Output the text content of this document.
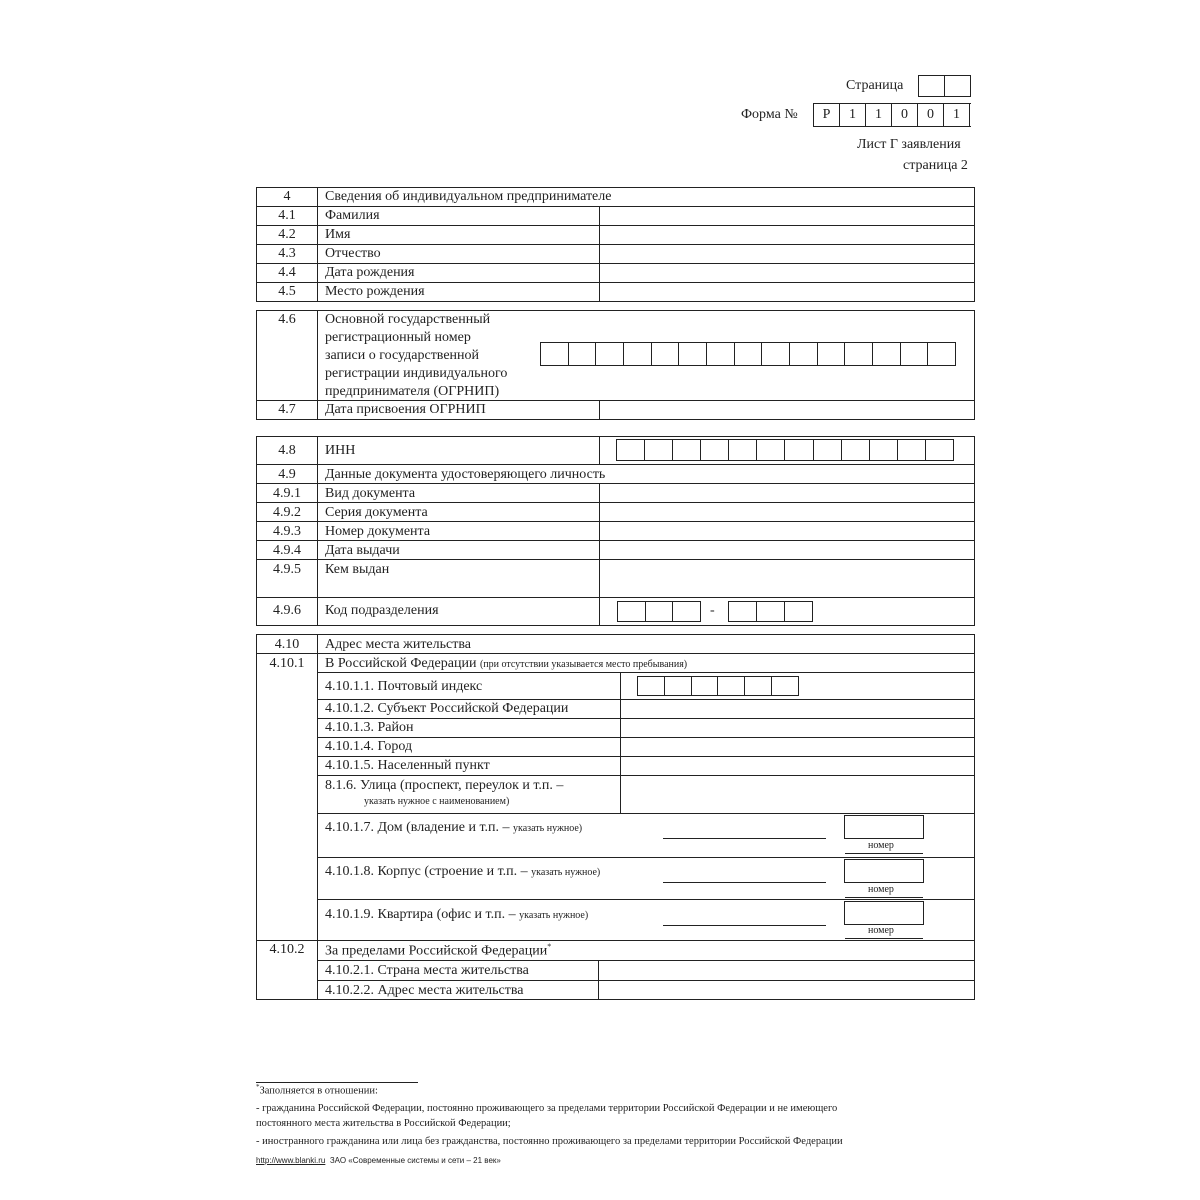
Страница
Форма №	Р	1	1	0	0	1
Лист Г заявления
страница 2
4	Сведения об индивидуальном предпринимателе
4.1	Фамилия
4.2	Имя
4.3	Отчество
4.4	Дата рождения
4.5	Место рождения
4.6	Основной государственный
регистрационный номер
записи о государственной
регистрации индивидуального
предпринимателя (ОГРНИП)
4.7	Дата присвоения ОГРНИП
4.8	ИНН
4.9	Данные документа удостоверяющего личность
4.9.1	Вид документа
4.9.2	Серия документа
4.9.3	Номер документа
4.9.4	Дата выдачи
4.9.5	Кем выдан
4.9.6	Код подразделения	-
4.10	Адрес места жительства
4.10.1	В Российской Федерации (при отсутствии указывается место пребывания)
4.10.1.1. Почтовый индекс
4.10.1.2. Субъект Российской Федерации
4.10.1.3. Район
4.10.1.4. Город
4.10.1.5. Населенный пункт
8.1.6. Улица (проспект, переулок и т.п. –
указать нужное с наименованием)
4.10.1.7. Дом (владение и т.п. – указать нужное)
номер
4.10.1.8. Корпус (строение и т.п. – указать нужное)
номер
4.10.1.9. Квартира (офис и т.п. – указать нужное)
номер
4.10.2	За пределами Российской Федерации*
4.10.2.1. Страна места жительства
4.10.2.2. Адрес места жительства
*Заполняется в отношении:
- гражданина Российской Федерации, постоянно проживающего за пределами территории Российской Федерации и не имеющего
постоянного места жительства в Российской Федерации;
- иностранного гражданина или лица без гражданства, постоянно проживающего за пределами территории Российской Федерации
http://www.blanki.ru ЗАО «Современные системы и сети – 21 век»
